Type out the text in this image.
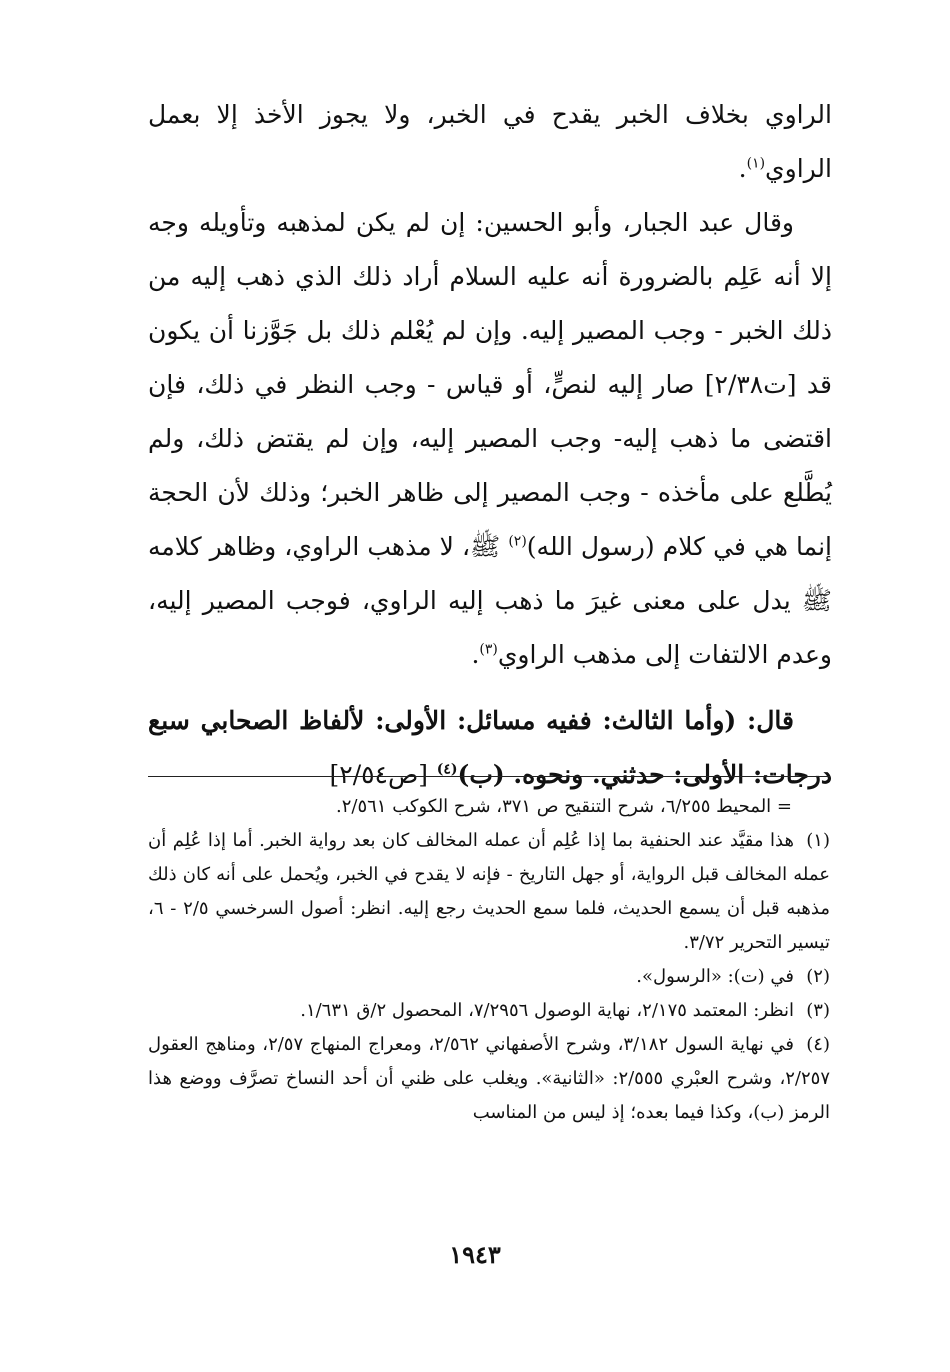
الراوي بخلاف الخبر يقدح في الخبر، ولا يجوز الأخذ إلا بعمل الراوي$^{(١)}$.

وقال عبد الجبار، وأبو الحسين: إن لم يكن لمذهبه وتأويله وجه إلا أنه عَلِم بالضرورة أنه عليه السلام أراد ذلك الذي ذهب إليه من ذلك الخبر - وجب المصير إليه. وإن لم يُعْلم ذلك بل جَوَّزنا أن يكون قد [ت٢/٣٨] صار إليه لنصٍّ، أو قياس - وجب النظر في ذلك، فإن اقتضى ما ذهب إليه- وجب المصير إليه، وإن لم يقتض ذلك، ولم يُطَّلع على مأخذه - وجب المصير إلى ظاهر الخبر؛ وذلك لأن الحجة إنما هي في كلام (رسول الله)$^{(٢)}$ ﷺ، لا مذهب الراوي، وظاهر كلامه ﷺ يدل على معنى غيرَ ما ذهب إليه الراوي، فوجب المصير إليه، وعدم الالتفات إلى مذهب الراوي$^{(٣)}$.

قال: (وأما الثالث: ففيه مسائل: الأولى: لألفاظ الصحابي سبع درجات: الأولى: حدثني. ونحوه. (ب)$^{(٤)}$ [ص٢/٥٤]

= المحيط ٦/٢٥٥، شرح التنقيح ص ٣٧١، شرح الكوكب ٢/٥٦١.

(١)هذا مقيَّد عند الحنفية بما إذا عُلِم أن عمله المخالف كان بعد رواية الخبر. أما إذا عُلِم أن عمله المخالف قبل الرواية، أو جهل التاريخ - فإنه لا يقدح في الخبر، ويُحمل على أنه كان ذلك مذهبه قبل أن يسمع الحديث، فلما سمع الحديث رجع إليه. انظر: أصول السرخسي ٢/٥ - ٦، تيسير التحرير ٣/٧٢.

(٢)في (ت): «الرسول».

(٣)انظر: المعتمد ٢/١٧٥، نهاية الوصول ٧/٢٩٥٦، المحصول ٢/ق ١/٦٣١.

(٤)في نهاية السول ٣/١٨٢، وشرح الأصفهاني ٢/٥٦٢، ومعراج المنهاج ٢/٥٧، ومناهج العقول ٢/٢٥٧، وشرح العبْري ٢/٥٥٥: «الثانية». ويغلب على ظني أن أحد النساخ تصرَّف ووضع هذا الرمز (ب)، وكذا فيما بعده؛ إذ ليس من المناسب

١٩٤٣
